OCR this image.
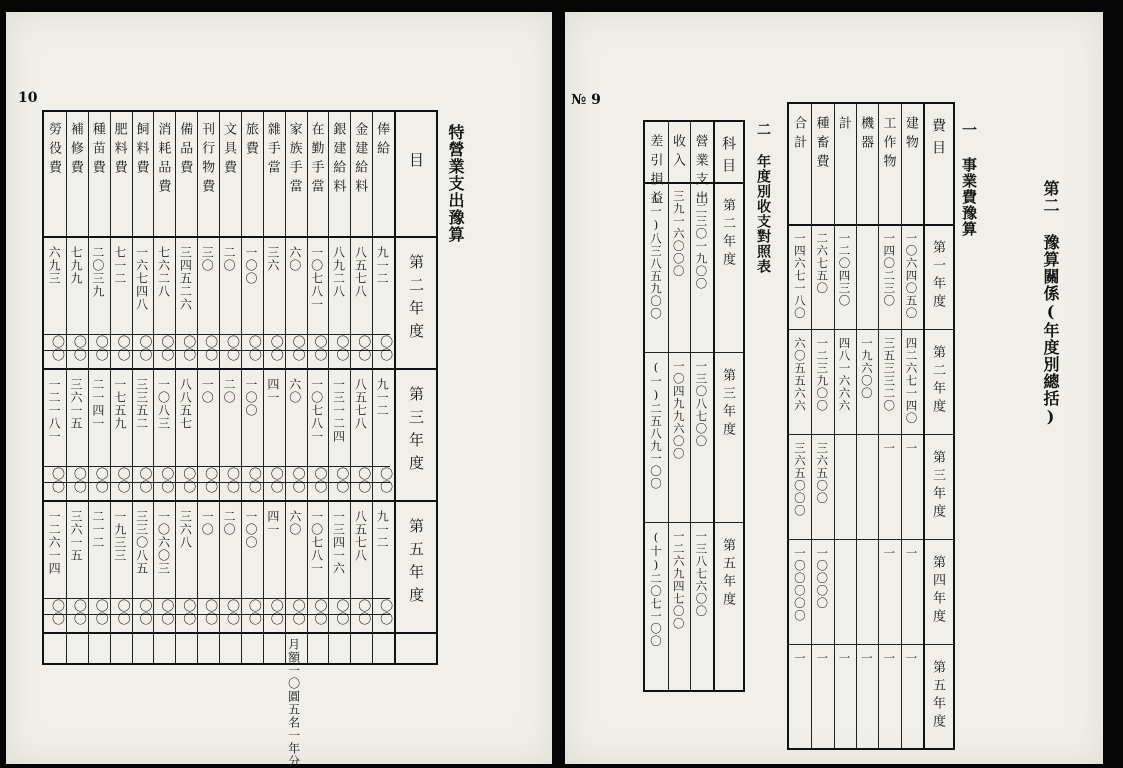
10
特營業支出豫算
目
第二年度
第三年度
第五年度
俸給
九一二
〇〇
九一二
〇〇
九一二
〇〇
金建給料
八五七八
〇〇
八五七八
〇〇
八五七八
〇〇
銀建給料
八九二八
〇〇
一三一二四
〇〇
一三四一六
〇〇
在勤手當
一〇七八一
〇〇
一〇七八一
〇〇
一〇七八一
〇〇
家族手當
六〇
〇〇
六〇
〇〇
六〇
〇〇
雜手當
三六
〇〇
四一
〇〇
四一
〇〇
旅費
一〇〇
〇〇
一〇〇
〇〇
一〇〇
〇〇
文具費
二〇
〇〇
二〇
〇〇
二〇
〇〇
刊行物費
三〇
〇〇
一〇
〇〇
一〇
〇〇
備品費
三四五二六
〇〇
八八五七
〇〇
三六八
〇〇
消耗品費
七六二八
〇〇
一〇八三
〇〇
一〇六〇三
〇〇
飼料費
一六七四八
〇〇
三三五二
〇〇
三三〇八五
〇〇
肥料費
七一二
〇〇
一七五九
〇〇
一九三三
〇〇
種苗費
二〇三九
〇〇
二一四一
〇〇
二一二
〇〇
補修費
七九九
〇〇
三六一五
〇〇
三六一五
〇〇
勞役費
六九三
〇〇
一二一八一
〇〇
一二六一四
〇〇
月額一〇圓五名一年分
№ 9
第二 豫算關係(年度別總括)
一 事業費豫算
二 年度別收支對照表
第一年度
第二年度
第三年度
第四年度
第五年度
費目
建物
一〇六四〇五〇
四二六七一四〇
一
一
一
工作物
一四〇二三〇
三五三三二〇
一
一
一
機器
一九六〇〇
一
計
一二〇四三〇
四八一六六六
一
種畜費
二六七五〇
一二三九〇〇
三六五〇〇
一〇〇〇〇
一
合計
一四六七一八〇
六〇五五六六
三六五〇〇〇
一〇〇〇〇〇
一
第二年度
第三年度
第五年度
科目
營業支出
一二三〇一九〇〇
一三〇八七〇〇
一三八七六〇〇
收入
三九一六〇〇〇
一〇四九九六〇〇
一二六九四七〇〇
差引損益
(一)八三八五九〇〇
(一)二五八九一〇〇
(十)二〇七一〇〇
